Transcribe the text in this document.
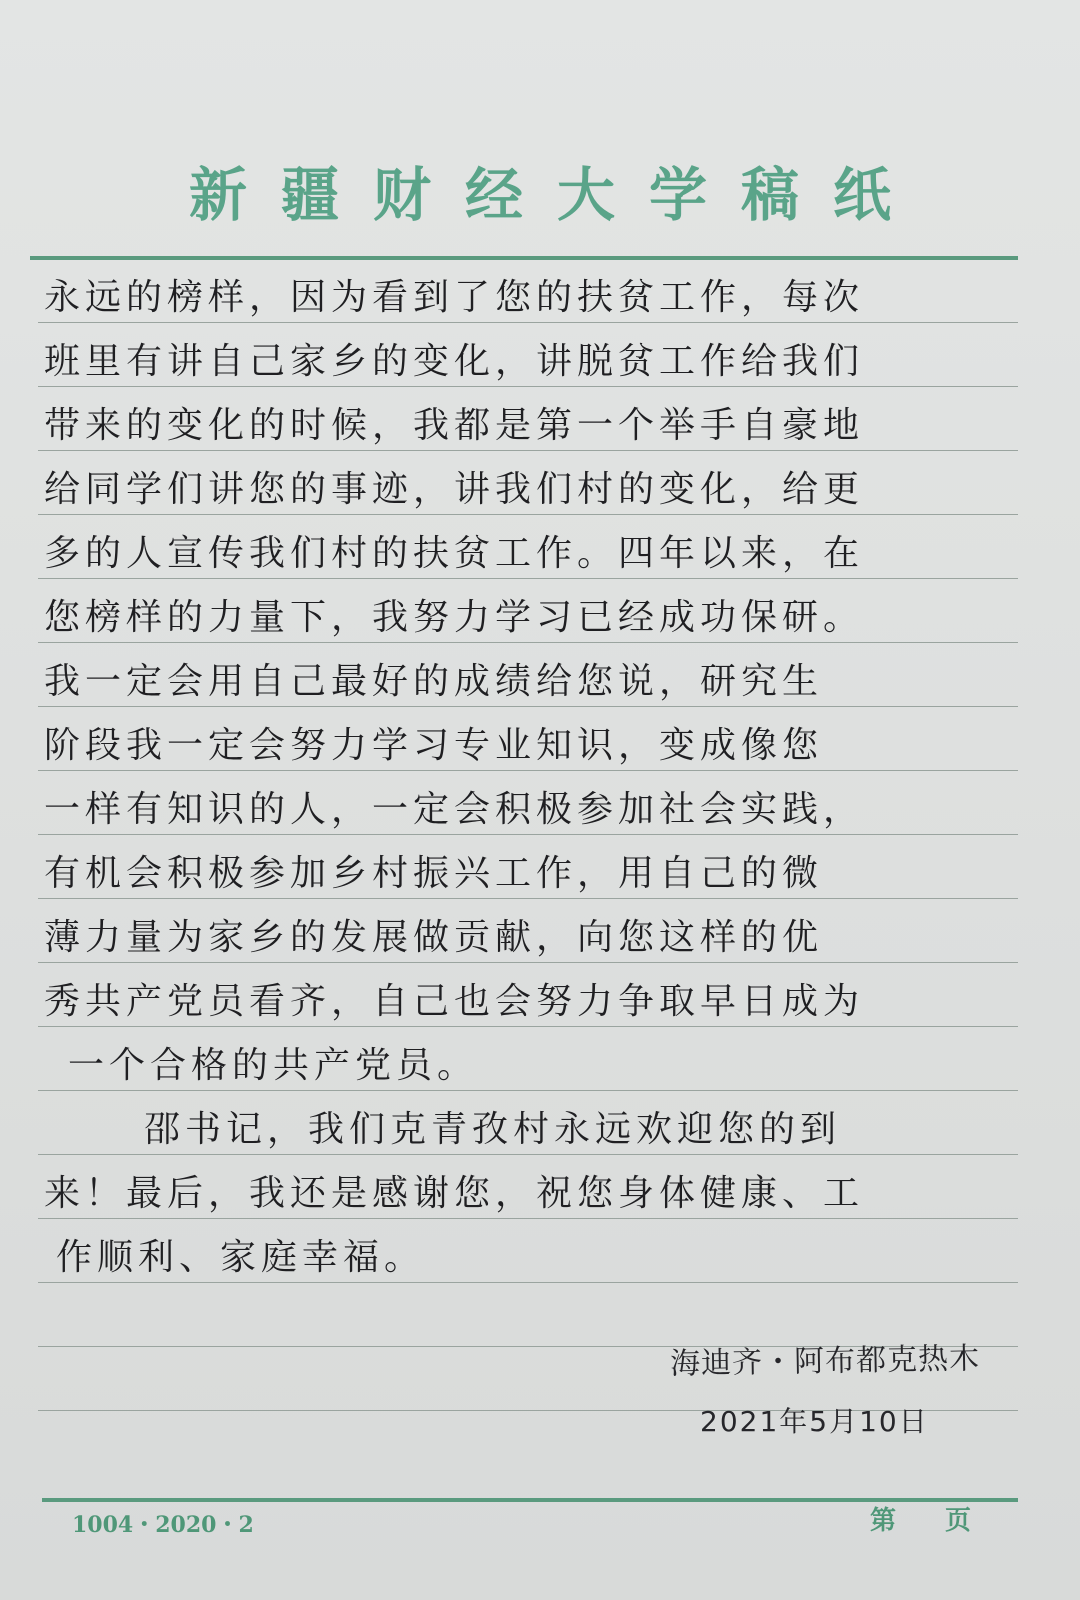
新疆财经大学稿纸
永远的榜样，因为看到了您的扶贫工作，每次
班里有讲自己家乡的变化，讲脱贫工作给我们
带来的变化的时候，我都是第一个举手自豪地
给同学们讲您的事迹，讲我们村的变化，给更
多的人宣传我们村的扶贫工作。四年以来，在
您榜样的力量下，我努力学习已经成功保研。
我一定会用自己最好的成绩给您说，研究生
阶段我一定会努力学习专业知识，变成像您
一样有知识的人，一定会积极参加社会实践，
有机会积极参加乡村振兴工作，用自己的微
薄力量为家乡的发展做贡献，向您这样的优
秀共产党员看齐，自己也会努力争取早日成为
一个合格的共产党员。
邵书记，我们克青孜村永远欢迎您的到
来！最后，我还是感谢您，祝您身体健康、工
作顺利、家庭幸福。
海迪齐・阿布都克热木
2021年5月10日
1004・2020・2	第 页
